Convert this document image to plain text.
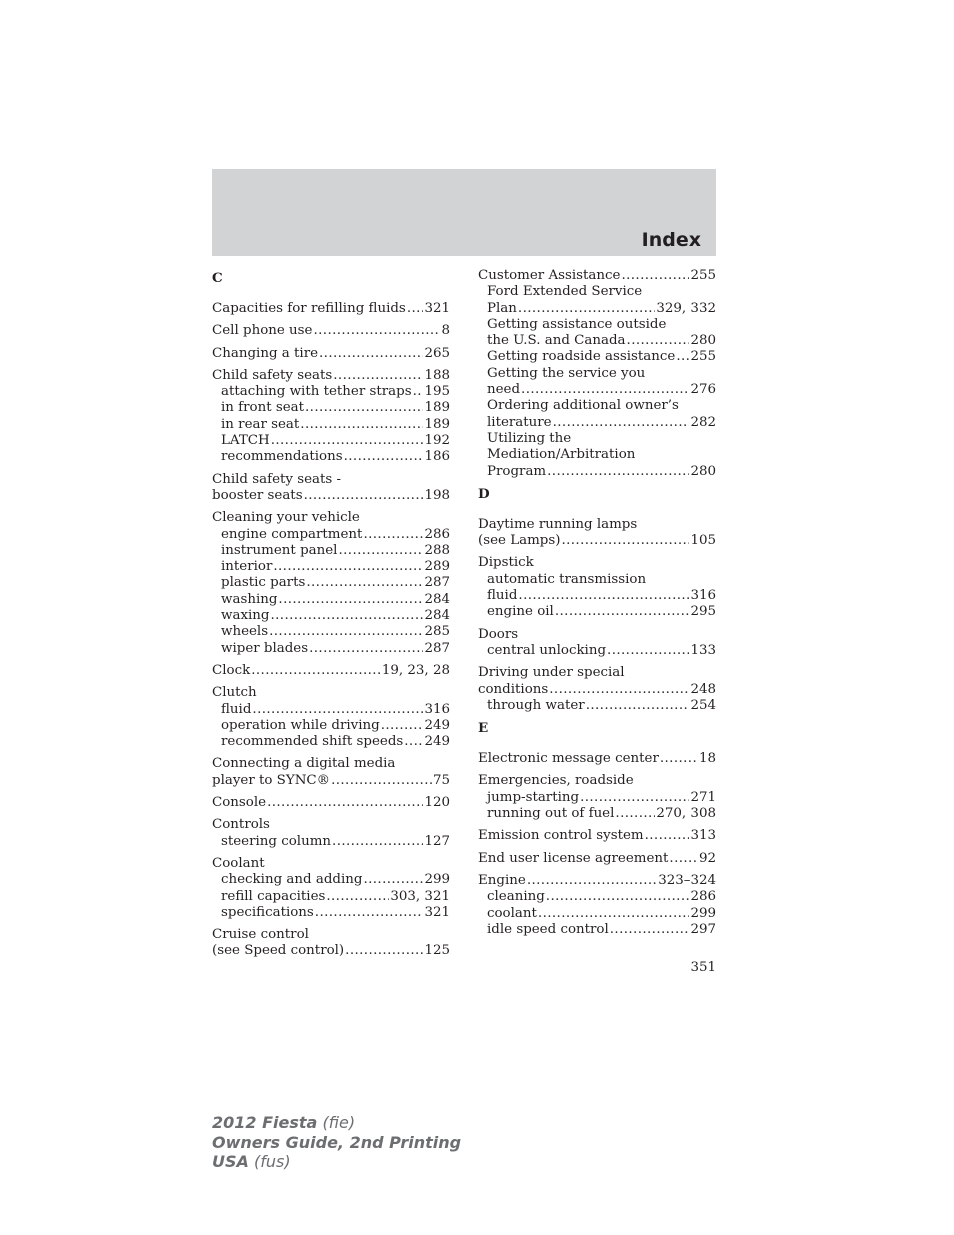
Index
C
Capacities for refilling fluids ..... 321
Cell phone use .....	8
Changing a tire .....	265
Child safety seats .....	188
attaching with tether straps ..... 195
in front seat .....	189
in rear seat .....	189
LATCH .....	192
recommendations .....	186
Child safety seats -
booster seats .....	198
Cleaning your vehicle
engine compartment .....	286
instrument panel .....	288
interior .....	289
plastic parts .....	287
washing .....	284
waxing .....	284
wheels .....	285
wiper blades .....	287
Clock .....	19, 23, 28
Clutch
fluid .....	316
operation while driving .....	249
recommended shift speeds ..... 249
Connecting a digital media
player to SYNC® .....	75
Console .....	120
Controls
steering column .....	127
Coolant
checking and adding .....	299
refill capacities .....	303, 321
specifications .....	321
Cruise control
(see Speed control) .....	125
Customer Assistance .....	255
Ford Extended Service
Plan .....	329, 332
Getting assistance outside
the U.S. and Canada .....	280
Getting roadside assistance ..... 255
Getting the service you
need .....	276
Ordering additional owner’s
literature .....	282
Utilizing the
Mediation/Arbitration
Program .....	280
D
Daytime running lamps
(see Lamps) .....	105
Dipstick
automatic transmission
fluid .....	316
engine oil .....	295
Doors
central unlocking .....	133
Driving under special
conditions .....	248
through water .....	254
E
Electronic message center .....	18
Emergencies, roadside
jump-starting .....	271
running out of fuel .....	270, 308
Emission control system .....	313
End user license agreement ..... 92
Engine .....	323–324
cleaning .....	286
coolant .....	299
idle speed control .....	297
351
2012 Fiesta (fie)
Owners Guide, 2nd Printing
USA (fus)
